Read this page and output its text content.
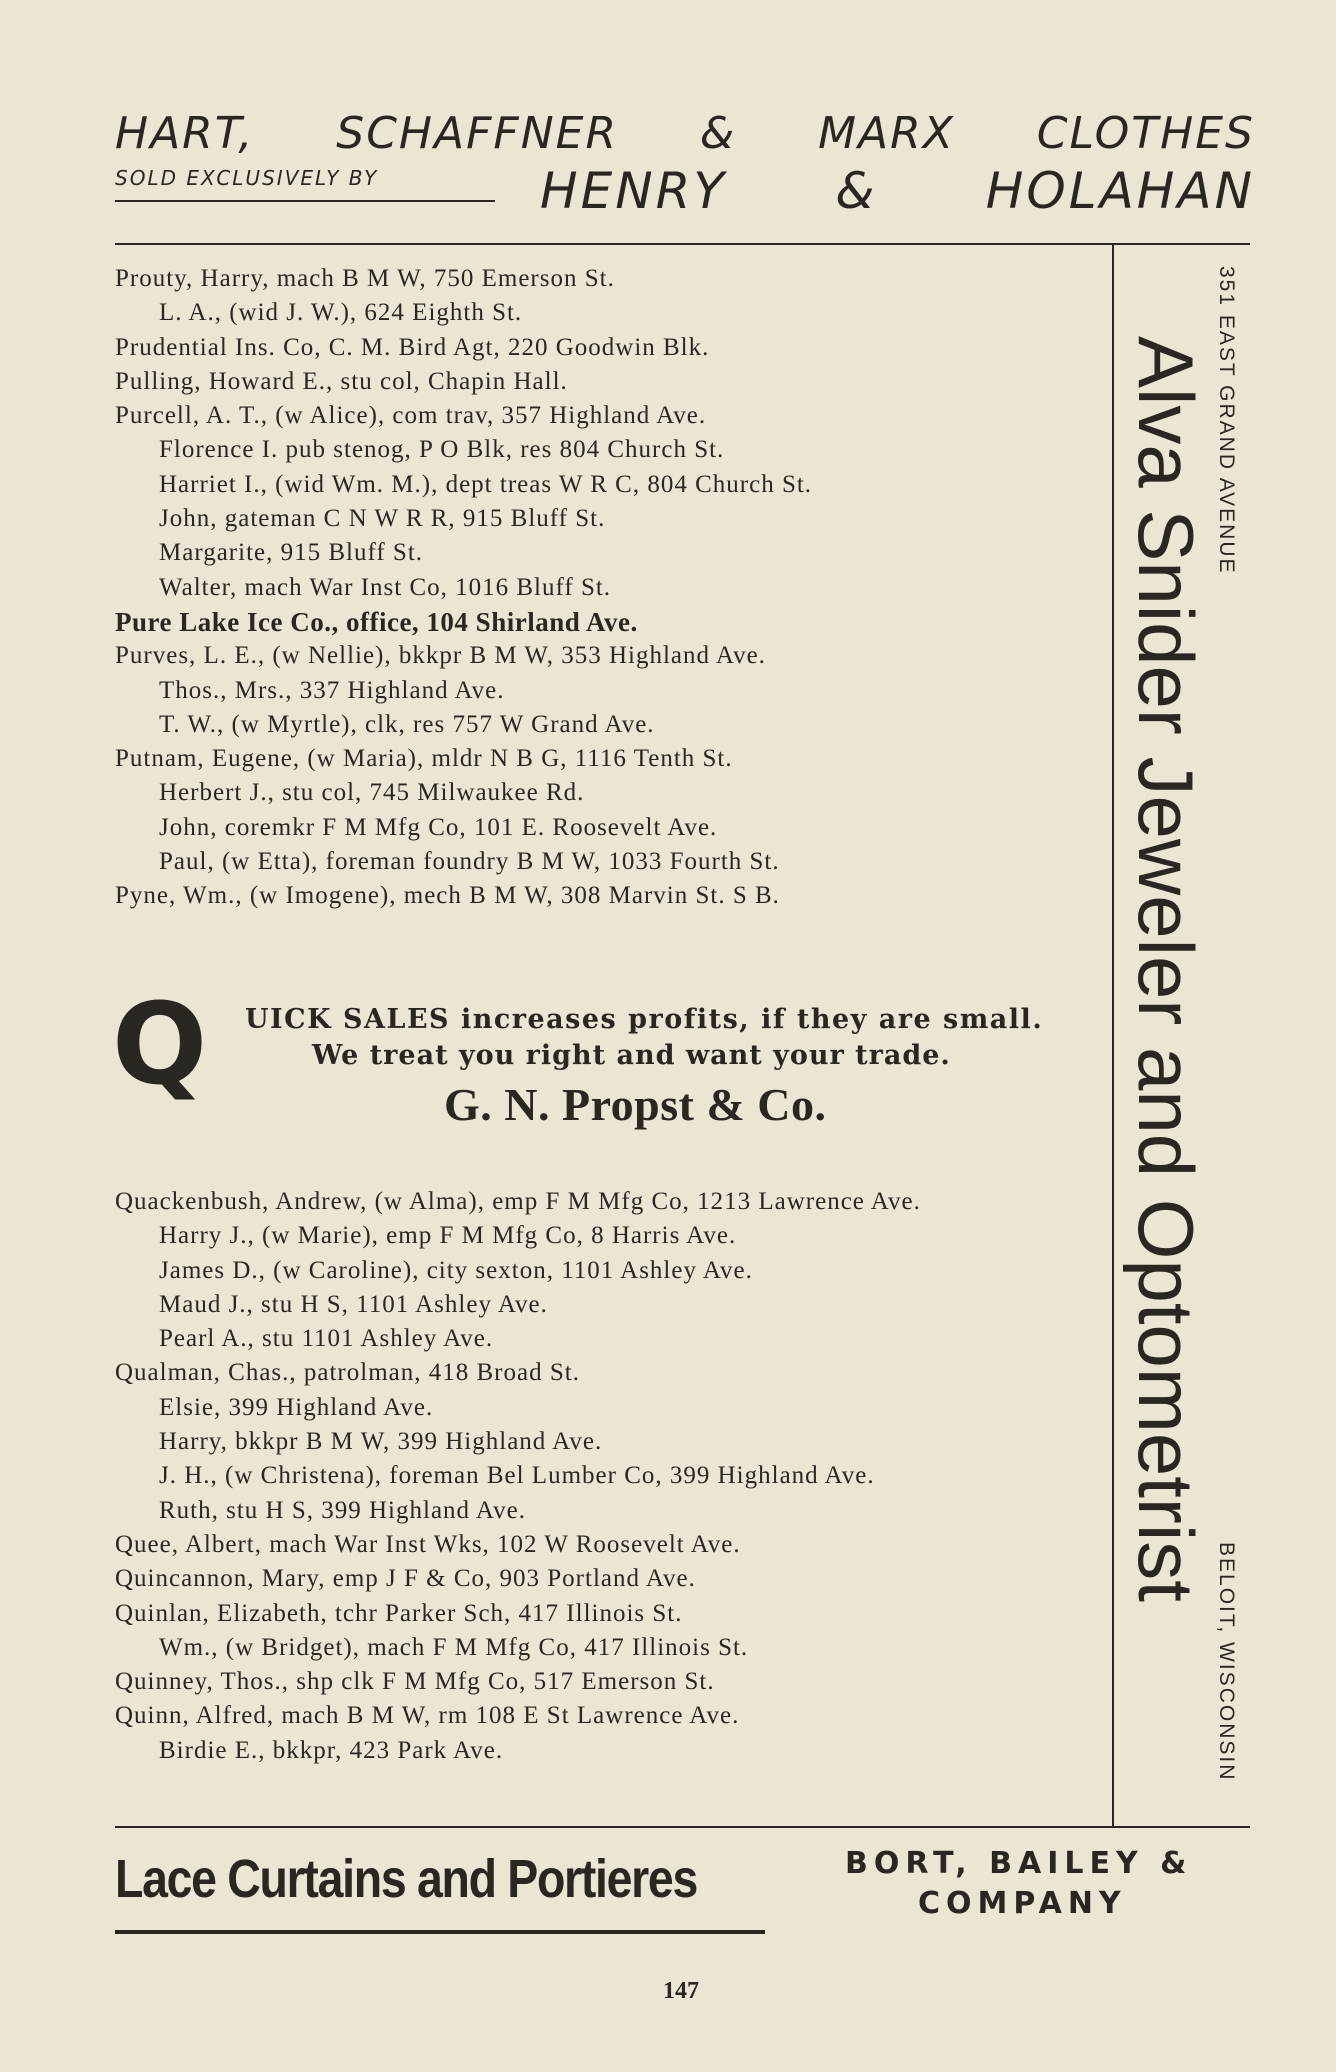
HART, SCHAFFNER & MARX CLOTHES
SOLD EXCLUSIVELY BY	HENRY & HOLAHAN
Prouty, Harry, mach B M W, 750 Emerson St.
L. A., (wid J. W.), 624 Eighth St.
Prudential Ins. Co, C. M. Bird Agt, 220 Goodwin Blk.
Pulling, Howard E., stu col, Chapin Hall.
Purcell, A. T., (w Alice), com trav, 357 Highland Ave.
Florence I. pub stenog, P O Blk, res 804 Church St.
Harriet I., (wid Wm. M.), dept treas W R C, 804 Church St.
John, gateman C N W R R, 915 Bluff St.
Margarite, 915 Bluff St.
Walter, mach War Inst Co, 1016 Bluff St.
Pure Lake Ice Co., office, 104 Shirland Ave.
Purves, L. E., (w Nellie), bkkpr B M W, 353 Highland Ave.
Thos., Mrs., 337 Highland Ave.
T. W., (w Myrtle), clk, res 757 W Grand Ave.
Putnam, Eugene, (w Maria), mldr N B G, 1116 Tenth St.
Herbert J., stu col, 745 Milwaukee Rd.
John, coremkr F M Mfg Co, 101 E. Roosevelt Ave.
Paul, (w Etta), foreman foundry B M W, 1033 Fourth St.
Pyne, Wm., (w Imogene), mech B M W, 308 Marvin St. S B.
Q UICK SALES increases profits, if they are small.
We treat you right and want your trade.
G. N. Propst & Co.
Quackenbush, Andrew, (w Alma), emp F M Mfg Co, 1213 Lawrence Ave.
Harry J., (w Marie), emp F M Mfg Co, 8 Harris Ave.
James D., (w Caroline), city sexton, 1101 Ashley Ave.
Maud J., stu H S, 1101 Ashley Ave.
Pearl A., stu 1101 Ashley Ave.
Qualman, Chas., patrolman, 418 Broad St.
Elsie, 399 Highland Ave.
Harry, bkkpr B M W, 399 Highland Ave.
J. H., (w Christena), foreman Bel Lumber Co, 399 Highland Ave.
Ruth, stu H S, 399 Highland Ave.
Quee, Albert, mach War Inst Wks, 102 W Roosevelt Ave.
Quincannon, Mary, emp J F & Co, 903 Portland Ave.
Quinlan, Elizabeth, tchr Parker Sch, 417 Illinois St.
Wm., (w Bridget), mach F M Mfg Co, 417 Illinois St.
Quinney, Thos., shp clk F M Mfg Co, 517 Emerson St.
Quinn, Alfred, mach B M W, rm 108 E St Lawrence Ave.
Birdie E., bkkpr, 423 Park Ave.
351 EAST GRAND AVENUE
Alva Snider Jeweler and Optometrist
BELOIT, WISCONSIN
Lace Curtains and Portieres	BORT, BAILEY &
COMPANY
147
